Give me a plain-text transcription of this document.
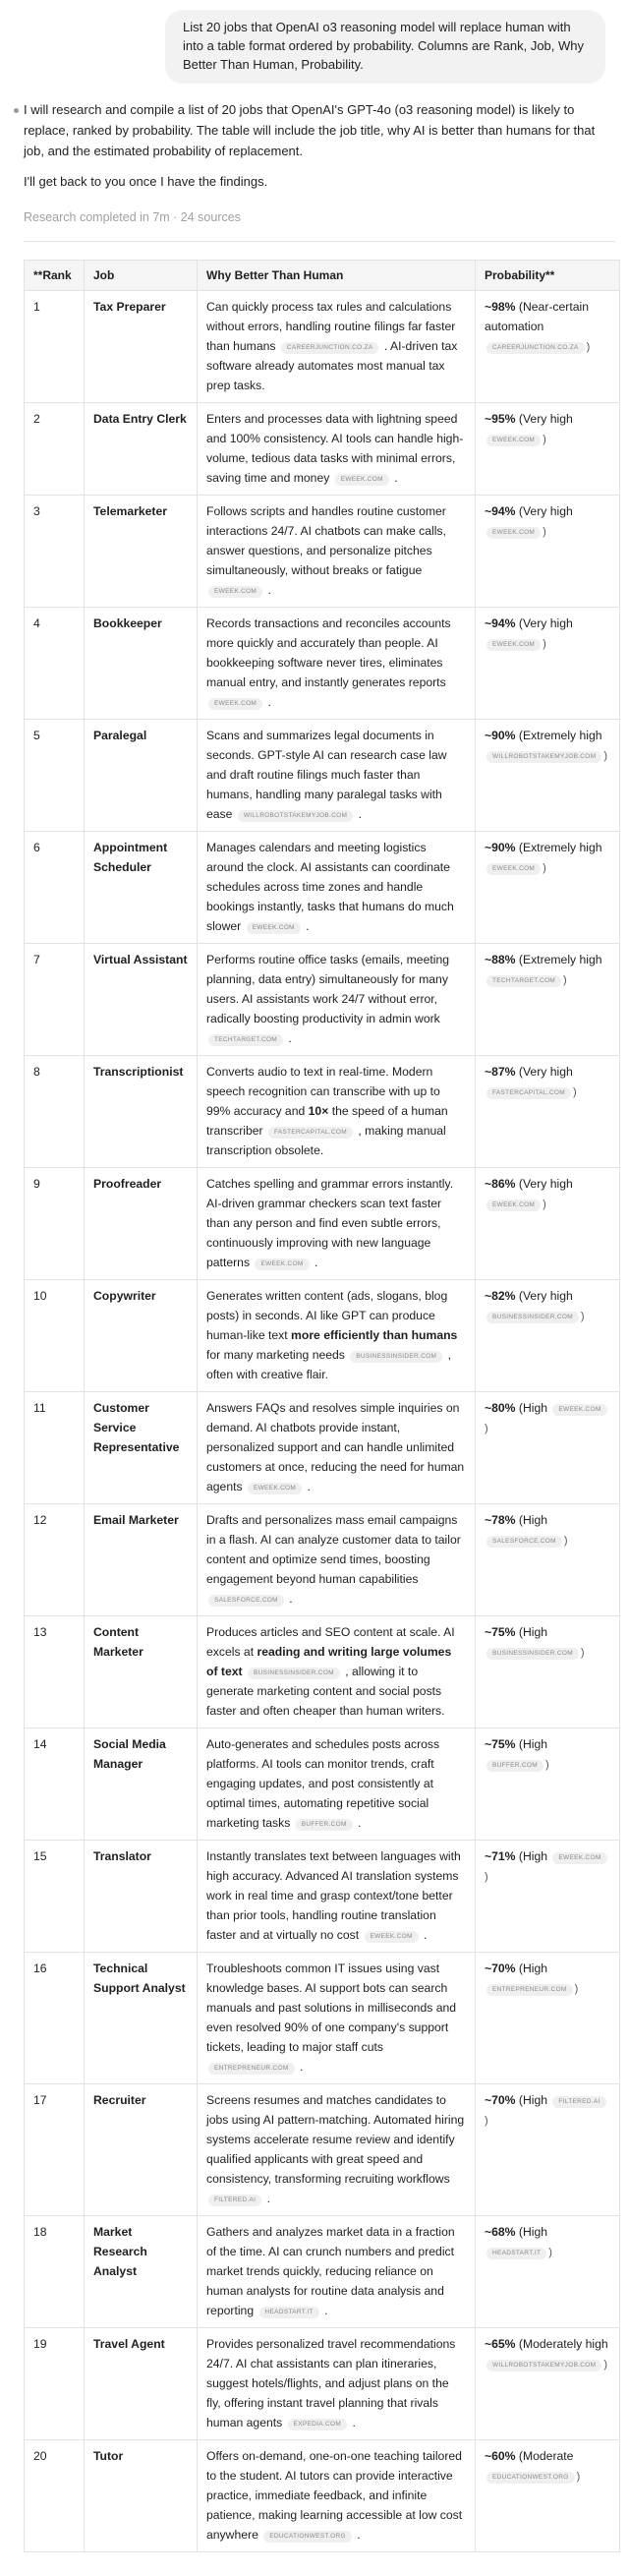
List 20 jobs that OpenAI o3 reasoning model will replace human with into a table format ordered by probability. Columns are Rank, Job, Why Better Than Human, Probability.

I will research and compile a list of 20 jobs that OpenAI's GPT-4o (o3 reasoning model) is likely to replace, ranked by probability. The table will include the job title, why AI is better than humans for that job, and the estimated probability of replacement.

I'll get back to you once I have the findings.

Research completed in 7m · 24 sources
**Rank	Job	Why Better Than Human	Probability**
1	Tax Preparer	Can quickly process tax rules and calculations without errors, handling routine filings far faster than humans CAREERJUNCTION.CO.ZA . AI-driven tax software already automates most manual tax prep tasks.	~98% (Near-certain automation CAREERJUNCTION.CO.ZA )
2	Data Entry Clerk	Enters and processes data with lightning speed and 100% consistency. AI tools can handle high-volume, tedious data tasks with minimal errors, saving time and money EWEEK.COM .	~95% (Very high EWEEK.COM )
3	Telemarketer	Follows scripts and handles routine customer interactions 24/7. AI chatbots can make calls, answer questions, and personalize pitches simultaneously, without breaks or fatigue EWEEK.COM .	~94% (Very high EWEEK.COM )
4	Bookkeeper	Records transactions and reconciles accounts more quickly and accurately than people. AI bookkeeping software never tires, eliminates manual entry, and instantly generates reports EWEEK.COM .	~94% (Very high EWEEK.COM )
5	Paralegal	Scans and summarizes legal documents in seconds. GPT-style AI can research case law and draft routine filings much faster than humans, handling many paralegal tasks with ease WILLROBOTSTAKEMYJOB.COM .	~90% (Extremely high WILLROBOTSTAKEMYJOB.COM )
6	Appointment Scheduler	Manages calendars and meeting logistics around the clock. AI assistants can coordinate schedules across time zones and handle bookings instantly, tasks that humans do much slower EWEEK.COM .	~90% (Extremely high EWEEK.COM )
7	Virtual Assistant	Performs routine office tasks (emails, meeting planning, data entry) simultaneously for many users. AI assistants work 24/7 without error, radically boosting productivity in admin work TECHTARGET.COM .	~88% (Extremely high TECHTARGET.COM )
8	Transcriptionist	Converts audio to text in real-time. Modern speech recognition can transcribe with up to 99% accuracy and 10× the speed of a human transcriber FASTERCAPITAL.COM , making manual transcription obsolete.	~87% (Very high FASTERCAPITAL.COM )
9	Proofreader	Catches spelling and grammar errors instantly. AI-driven grammar checkers scan text faster than any person and find even subtle errors, continuously improving with new language patterns EWEEK.COM .	~86% (Very high EWEEK.COM )
10	Copywriter	Generates written content (ads, slogans, blog posts) in seconds. AI like GPT can produce human-like text more efficiently than humans for many marketing needs BUSINESSINSIDER.COM , often with creative flair.	~82% (Very high BUSINESSINSIDER.COM )
11	Customer Service Representative	Answers FAQs and resolves simple inquiries on demand. AI chatbots provide instant, personalized support and can handle unlimited customers at once, reducing the need for human agents EWEEK.COM .	~80% (High EWEEK.COM)
12	Email Marketer	Drafts and personalizes mass email campaigns in a flash. AI can analyze customer data to tailor content and optimize send times, boosting engagement beyond human capabilities SALESFORCE.COM .	~78% (High SALESFORCE.COM )
13	Content Marketer	Produces articles and SEO content at scale. AI excels at reading and writing large volumes of text BUSINESSINSIDER.COM , allowing it to generate marketing content and social posts faster and often cheaper than human writers.	~75% (High BUSINESSINSIDER.COM )
14	Social Media Manager	Auto-generates and schedules posts across platforms. AI tools can monitor trends, craft engaging updates, and post consistently at optimal times, automating repetitive social marketing tasks BUFFER.COM .	~75% (High BUFFER.COM )
15	Translator	Instantly translates text between languages with high accuracy. Advanced AI translation systems work in real time and grasp context/tone better than prior tools, handling routine translation faster and at virtually no cost EWEEK.COM .	~71% (High EWEEK.COM)
16	Technical Support Analyst	Troubleshoots common IT issues using vast knowledge bases. AI support bots can search manuals and past solutions in milliseconds and even resolved 90% of one company's support tickets, leading to major staff cuts ENTREPRENEUR.COM .	~70% (High ENTREPRENEUR.COM )
17	Recruiter	Screens resumes and matches candidates to jobs using AI pattern-matching. Automated hiring systems accelerate resume review and identify qualified applicants with great speed and consistency, transforming recruiting workflows FILTERED.AI .	~70% (High FILTERED.AI)
18	Market Research Analyst	Gathers and analyzes market data in a fraction of the time. AI can crunch numbers and predict market trends quickly, reducing reliance on human analysts for routine data analysis and reporting HEADSTART.IT .	~68% (High HEADSTART.IT )
19	Travel Agent	Provides personalized travel recommendations 24/7. AI chat assistants can plan itineraries, suggest hotels/flights, and adjust plans on the fly, offering instant travel planning that rivals human agents EXPEDIA.COM .	~65% (Moderately high WILLROBOTSTAKEMYJOB.COM )
20	Tutor	Offers on-demand, one-on-one teaching tailored to the student. AI tutors can provide interactive practice, immediate feedback, and infinite patience, making learning accessible at low cost anywhere EDUCATIONWEST.ORG .	~60% (Moderate EDUCATIONWEST.ORG )
